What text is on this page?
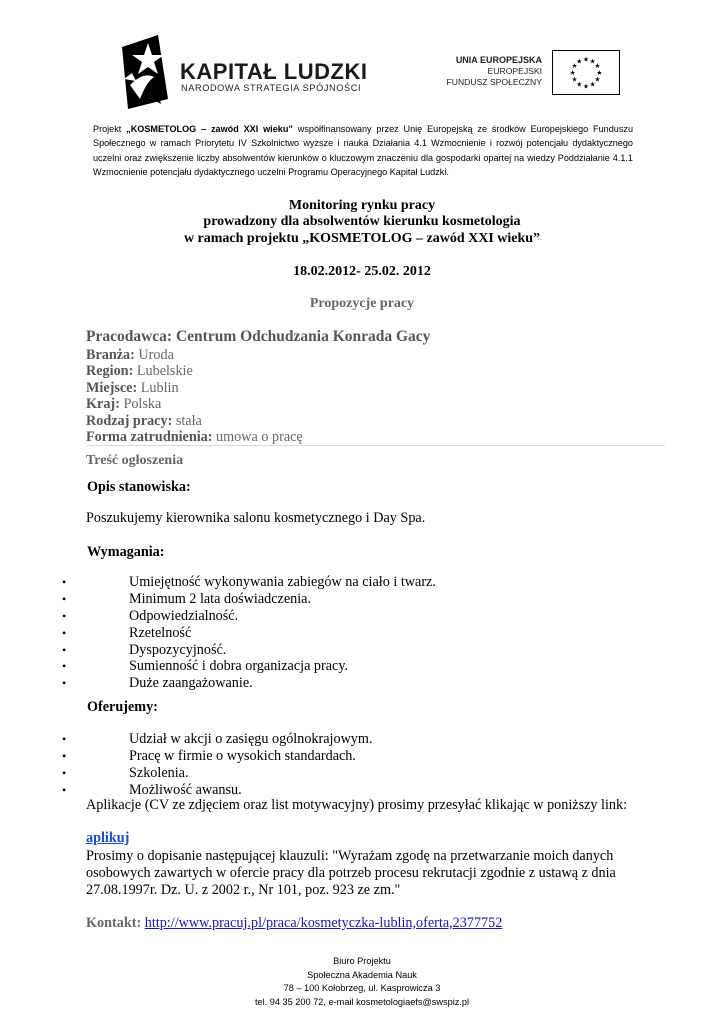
KAPITAŁ LUDZKI
NARODOWA STRATEGIA SPÓJNOŚCI
UNIA EUROPEJSKA
EUROPEJSKI
FUNDUSZ SPOŁECZNY
★ ★
★
★
★
★
★
★
★
★
★
★
Projekt „KOSMETOLOG – zawód XXI wieku” współfinansowany przez Unię Europejską ze środków Europejskiego Funduszu Społecznego w ramach Priorytetu IV Szkolnictwo wyższe i nauka Działania 4.1 Wzmocnienie i rozwój potencjału dydaktycznego uczelni oraz zwiększenie liczby absolwentów kierunków o kluczowym znaczeniu dla gospodarki opartej na wiedzy Poddziałanie 4.1.1 Wzmocnienie potencjału dydaktycznego uczelni Programu Operacyjnego Kapitał Ludzki.
Monitoring rynku pracy
prowadzony dla absolwentów kierunku kosmetologia
w ramach projektu „KOSMETOLOG – zawód XXI wieku”
18.02.2012- 25.02. 2012
Propozycje pracy
Pracodawca: Centrum Odchudzania Konrada Gacy
Branża: Uroda
Region: Lubelskie
Miejsce: Lublin
Kraj: Polska
Rodzaj pracy: stała
Forma zatrudnienia: umowa o pracę
Treść ogłoszenia
Opis stanowiska:
Poszukujemy kierownika salonu kosmetycznego i Day Spa.
Wymagania:
•	Umiejętność wykonywania zabiegów na ciało i twarz.
•	Minimum 2 lata doświadczenia.
•	Odpowiedzialność.
•	Rzetelność
•	Dyspozycyjność.
•	Sumienność i dobra organizacja pracy.
•	Duże zaangażowanie.
Oferujemy:
•	Udział w akcji o zasięgu ogólnokrajowym.
•	Pracę w firmie o wysokich standardach.
•	Szkolenia.
•	Możliwość awansu.
Aplikacje (CV ze zdjęciem oraz list motywacyjny) prosimy przesyłać klikając w poniższy link:
aplikuj
Prosimy o dopisanie następującej klauzuli: "Wyrażam zgodę na przetwarzanie moich danych osobowych zawartych w ofercie pracy dla potrzeb procesu rekrutacji zgodnie z ustawą z dnia 27.08.1997r. Dz. U. z 2002 r., Nr 101, poz. 923 ze zm."
Kontakt: http://www.pracuj.pl/praca/kosmetyczka-lublin,oferta,2377752
Biuro Projektu
Społeczna Akademia Nauk
78 – 100 Kołobrzeg, ul. Kasprowicza 3
tel. 94 35 200 72, e-mail kosmetologiaefs@swspiz.pl
